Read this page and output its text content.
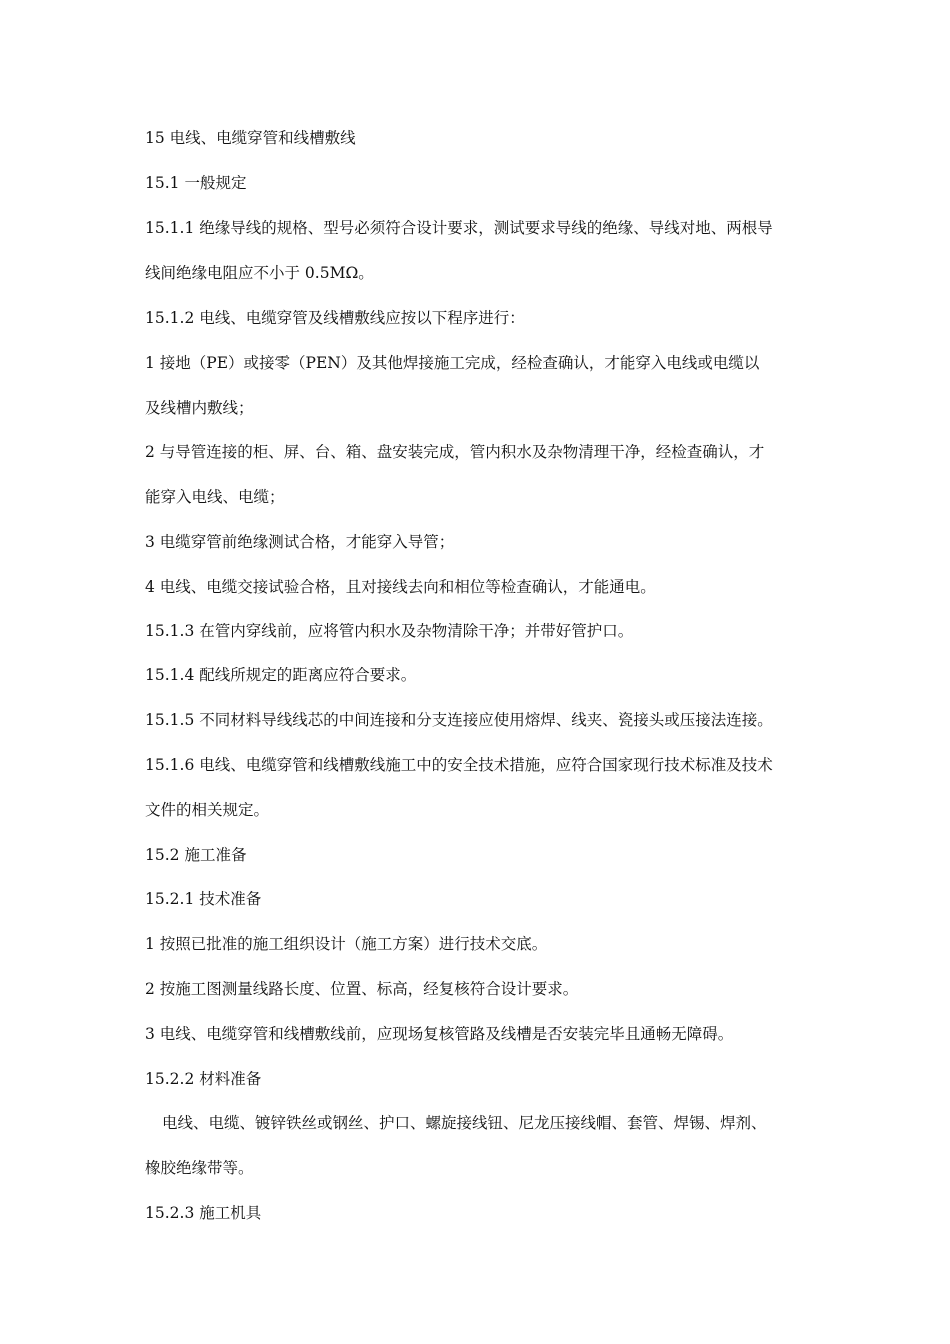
15 电线、电缆穿管和线槽敷线
15.1 一般规定
15.1.1 绝缘导线的规格、型号必须符合设计要求，测试要求导线的绝缘、导线对地、两根导
线间绝缘电阻应不小于 0.5MΩ。
15.1.2 电线、电缆穿管及线槽敷线应按以下程序进行：
1 接地（PE）或接零（PEN）及其他焊接施工完成，经检查确认，才能穿入电线或电缆以
及线槽内敷线；
2 与导管连接的柜、屏、台、箱、盘安装完成，管内积水及杂物清理干净，经检查确认，才
能穿入电线、电缆；
3 电缆穿管前绝缘测试合格，才能穿入导管；
4 电线、电缆交接试验合格，且对接线去向和相位等检查确认，才能通电。
15.1.3 在管内穿线前，应将管内积水及杂物清除干净；并带好管护口。
15.1.4 配线所规定的距离应符合要求。
15.1.5 不同材料导线线芯的中间连接和分支连接应使用熔焊、线夹、瓷接头或压接法连接。
15.1.6 电线、电缆穿管和线槽敷线施工中的安全技术措施，应符合国家现行技术标准及技术
文件的相关规定。
15.2 施工准备
15.2.1 技术准备
1 按照已批准的施工组织设计（施工方案）进行技术交底。
2 按施工图测量线路长度、位置、标高，经复核符合设计要求。
3 电线、电缆穿管和线槽敷线前，应现场复核管路及线槽是否安装完毕且通畅无障碍。
15.2.2 材料准备
电线、电缆、镀锌铁丝或钢丝、护口、螺旋接线钮、尼龙压接线帽、套管、焊锡、焊剂、
橡胶绝缘带等。
15.2.3 施工机具
